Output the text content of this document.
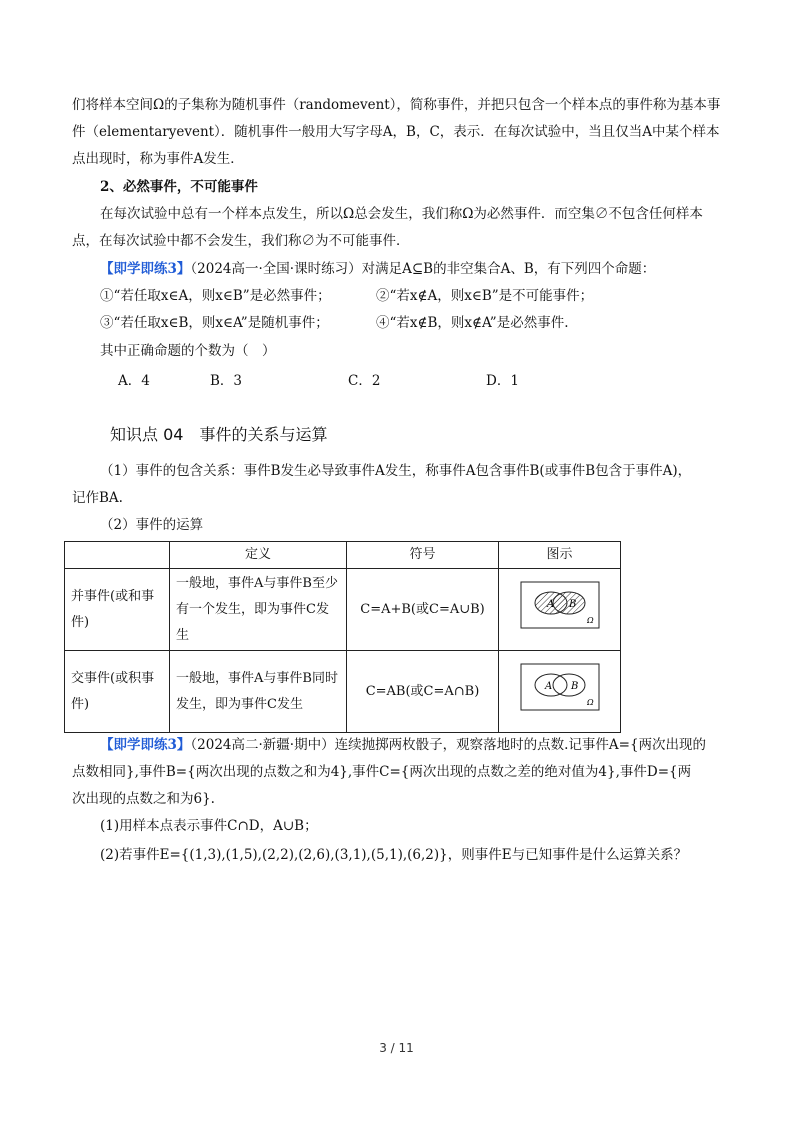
们将样本空间Ω的子集称为随机事件（randomevent），简称事件，并把只包含一个样本点的事件称为基本事

件（elementaryevent）．随机事件一般用大写字母A，B，C，表示．在每次试验中，当且仅当A中某个样本

点出现时，称为事件A发生．

2、必然事件，不可能事件

在每次试验中总有一个样本点发生，所以Ω总会发生，我们称Ω为必然事件．而空集∅不包含任何样本

点，在每次试验中都不会发生，我们称∅为不可能事件．

【即学即练3】（2024高一·全国·课时练习）对满足A⊆B的非空集合A、B，有下列四个命题：

①“若任取x∈A，则x∈B”是必然事件；	②“若x∉A，则x∈B”是不可能事件；

③“若任取x∈B，则x∈A”是随机事件；	④“若x∉B，则x∉A”是必然事件.

其中正确命题的个数为（　）

A．4	B．3	C．2	D．1
知识点 04　事件的关系与运算

（1）事件的包含关系：事件B发生必导致事件A发生，称事件A包含事件B(或事件B包含于事件A)，

记作BA.

（2）事件的运算

	定义	符号	图示
并事件(或和事件)	一般地，事件A与事件B至少有一个发生，即为事件C发生	C=A+B(或C=A∪B)	A B
Ω

交事件(或积事件)	一般地，事件A与事件B同时发生，即为事件C发生	C=AB(或C=A∩B)	A B
Ω

【即学即练3】（2024高二·新疆·期中）连续抛掷两枚骰子，观察落地时的点数.记事件A={两次出现的

点数相同},事件B={两次出现的点数之和为4},事件C={两次出现的点数之差的绝对值为4},事件D={两

次出现的点数之和为6}.

(1)用样本点表示事件C∩D，A∪B；

(2)若事件E={(1,3),(1,5),(2,2),(2,6),(3,1),(5,1),(6,2)}，则事件E与已知事件是什么运算关系？

3 / 11
